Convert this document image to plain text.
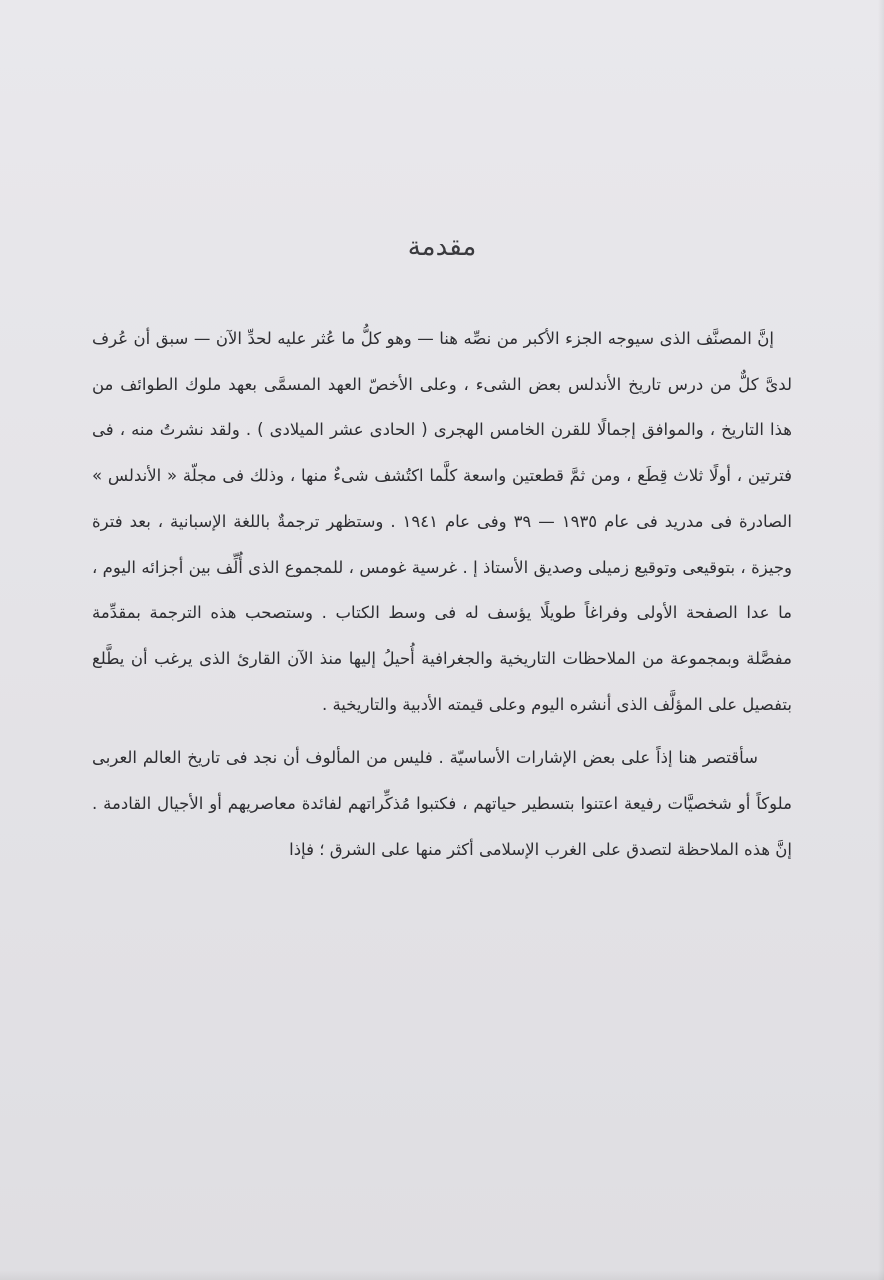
مقدمة

إنَّ المصنَّف الذى سيوجه الجزء الأكبر من نصِّه هنا — وهو كلُّ ما عُثر عليه لحدِّ الآن — سبق أن عُرف لدىَّ كلٌّ من درس تاريخ الأندلس بعض الشىء ، وعلى الأخصّ العهد المسمَّى بعهد ملوك الطوائف من هذا التاريخ ، والموافق إجمالًا للقرن الخامس الهجرى ( الحادى عشر الميلادى ) . ولقد نشرتُ منه ، فى فترتين ، أولًا ثلاث قِطَع ، ومن ثمَّ قطعتين واسعة كلَّما اكتُشف شىءٌ منها ، وذلك فى مجلّة « الأندلس » الصادرة فى مدريد فى عام ١٩٣٥ — ٣٩ وفى عام ١٩٤١ . وستظهر ترجمةٌ باللغة الإسبانية ، بعد فترة وجيزة ، بتوقيعى وتوقيع زميلى وصديق الأستاذ إ . غرسية غومس ، للمجموع الذى أُلِّف بين أجزائه اليوم ، ما عدا الصفحة الأولى وفراغاً طويلًا يؤسف له فى وسط الكتاب . وستصحب هذه الترجمة بمقدِّمة مفصَّلة وبمجموعة من الملاحظات التاريخية والجغرافية أُحيلُ إليها منذ الآن القارئ الذى يرغب أن يطَّلع بتفصيل على المؤلَّف الذى أنشره اليوم وعلى قيمته الأدبية والتاريخية .

سأقتصر هنا إذاً على بعض الإشارات الأساسيّة . فليس من المألوف أن نجد فى تاريخ العالم العربى ملوكاً أو شخصيَّات رفيعة اعتنوا بتسطير حياتهم ، فكتبوا مُذكِّراتهم لفائدة معاصريهم أو الأجيال القادمة . إنَّ هذه الملاحظة لتصدق على الغرب الإسلامى أكثر منها على الشرق ؛ فإذا
